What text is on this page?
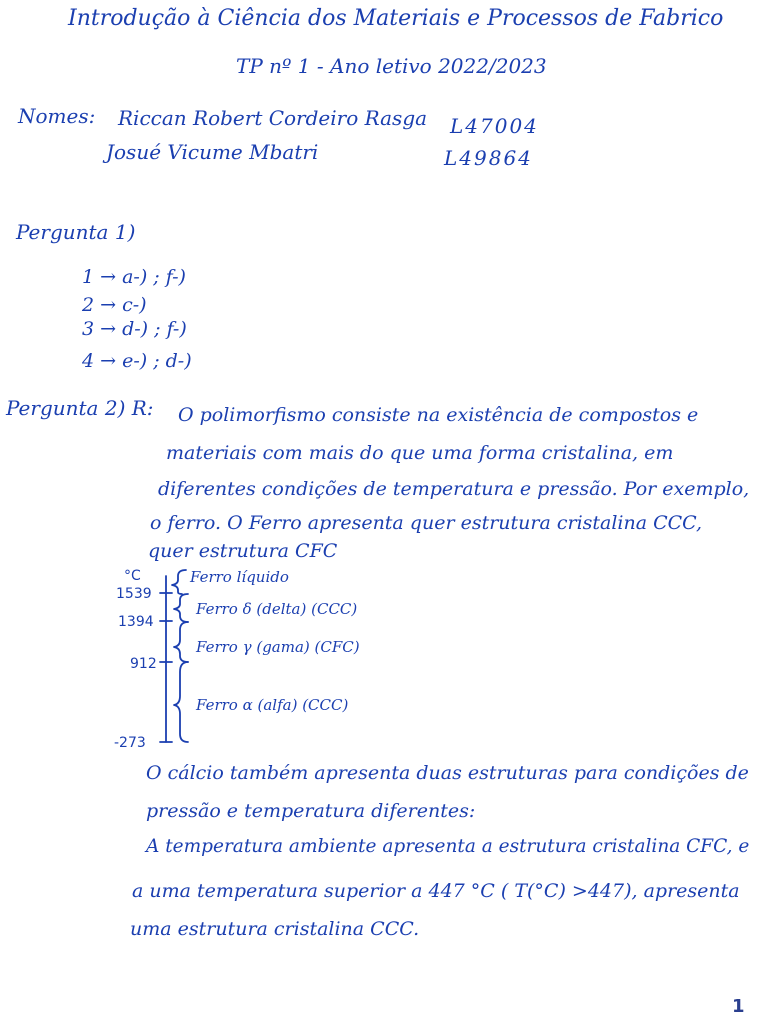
Introdução à Ciência dos Materiais e Processos de Fabrico
TP nº 1 - Ano letivo 2022/2023
Nomes: Riccan Robert Cordeiro Rasga L47004
Josué Vicume Mbatri	L49864
Pergunta 1)
1 → a-) ; f-)
2 → c-)
3 → d-) ; f-)
4 → e-) ; d-)
Pergunta 2) R: O polimorfismo consiste na existência de compostos e
materiais com mais do que uma forma cristalina, em
diferentes condições de temperatura e pressão. Por exemplo,
o ferro. O Ferro apresenta quer estrutura cristalina CCC,
quer estrutura CFC
°C
1539
1394
912
-273
Ferro líquido
Ferro δ (delta) (CCC)
Ferro γ (gama) (CFC)
Ferro α (alfa) (CCC)
O cálcio também apresenta duas estruturas para condições de
pressão e temperatura diferentes:
A temperatura ambiente apresenta a estrutura cristalina CFC, e
a uma temperatura superior a 447 °C ( T(°C) >447), apresenta
uma estrutura cristalina CCC.
1
